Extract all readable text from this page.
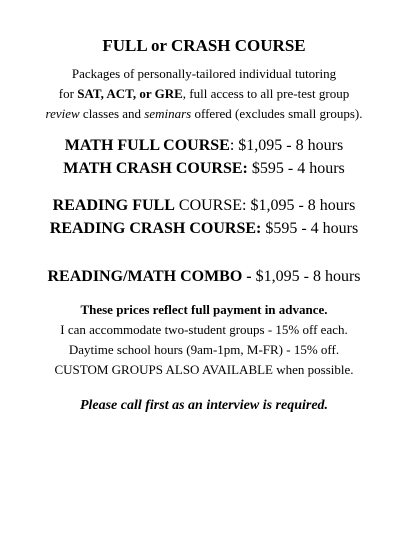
FULL or CRASH COURSE
Packages of personally-tailored individual tutoring
for SAT, ACT, or GRE, full access to all pre-test group
review classes and seminars offered (excludes small groups).
MATH FULL COURSE: $1,095 - 8 hours
MATH CRASH COURSE: $595 - 4 hours
READING FULL COURSE: $1,095 - 8 hours
READING CRASH COURSE: $595 - 4 hours
READING/MATH COMBO - $1,095 - 8 hours
These prices reflect full payment in advance.
I can accommodate two-student groups - 15% off each.
Daytime school hours (9am-1pm, M-FR) - 15% off.
CUSTOM GROUPS ALSO AVAILABLE when possible.
Please call first as an interview is required.
